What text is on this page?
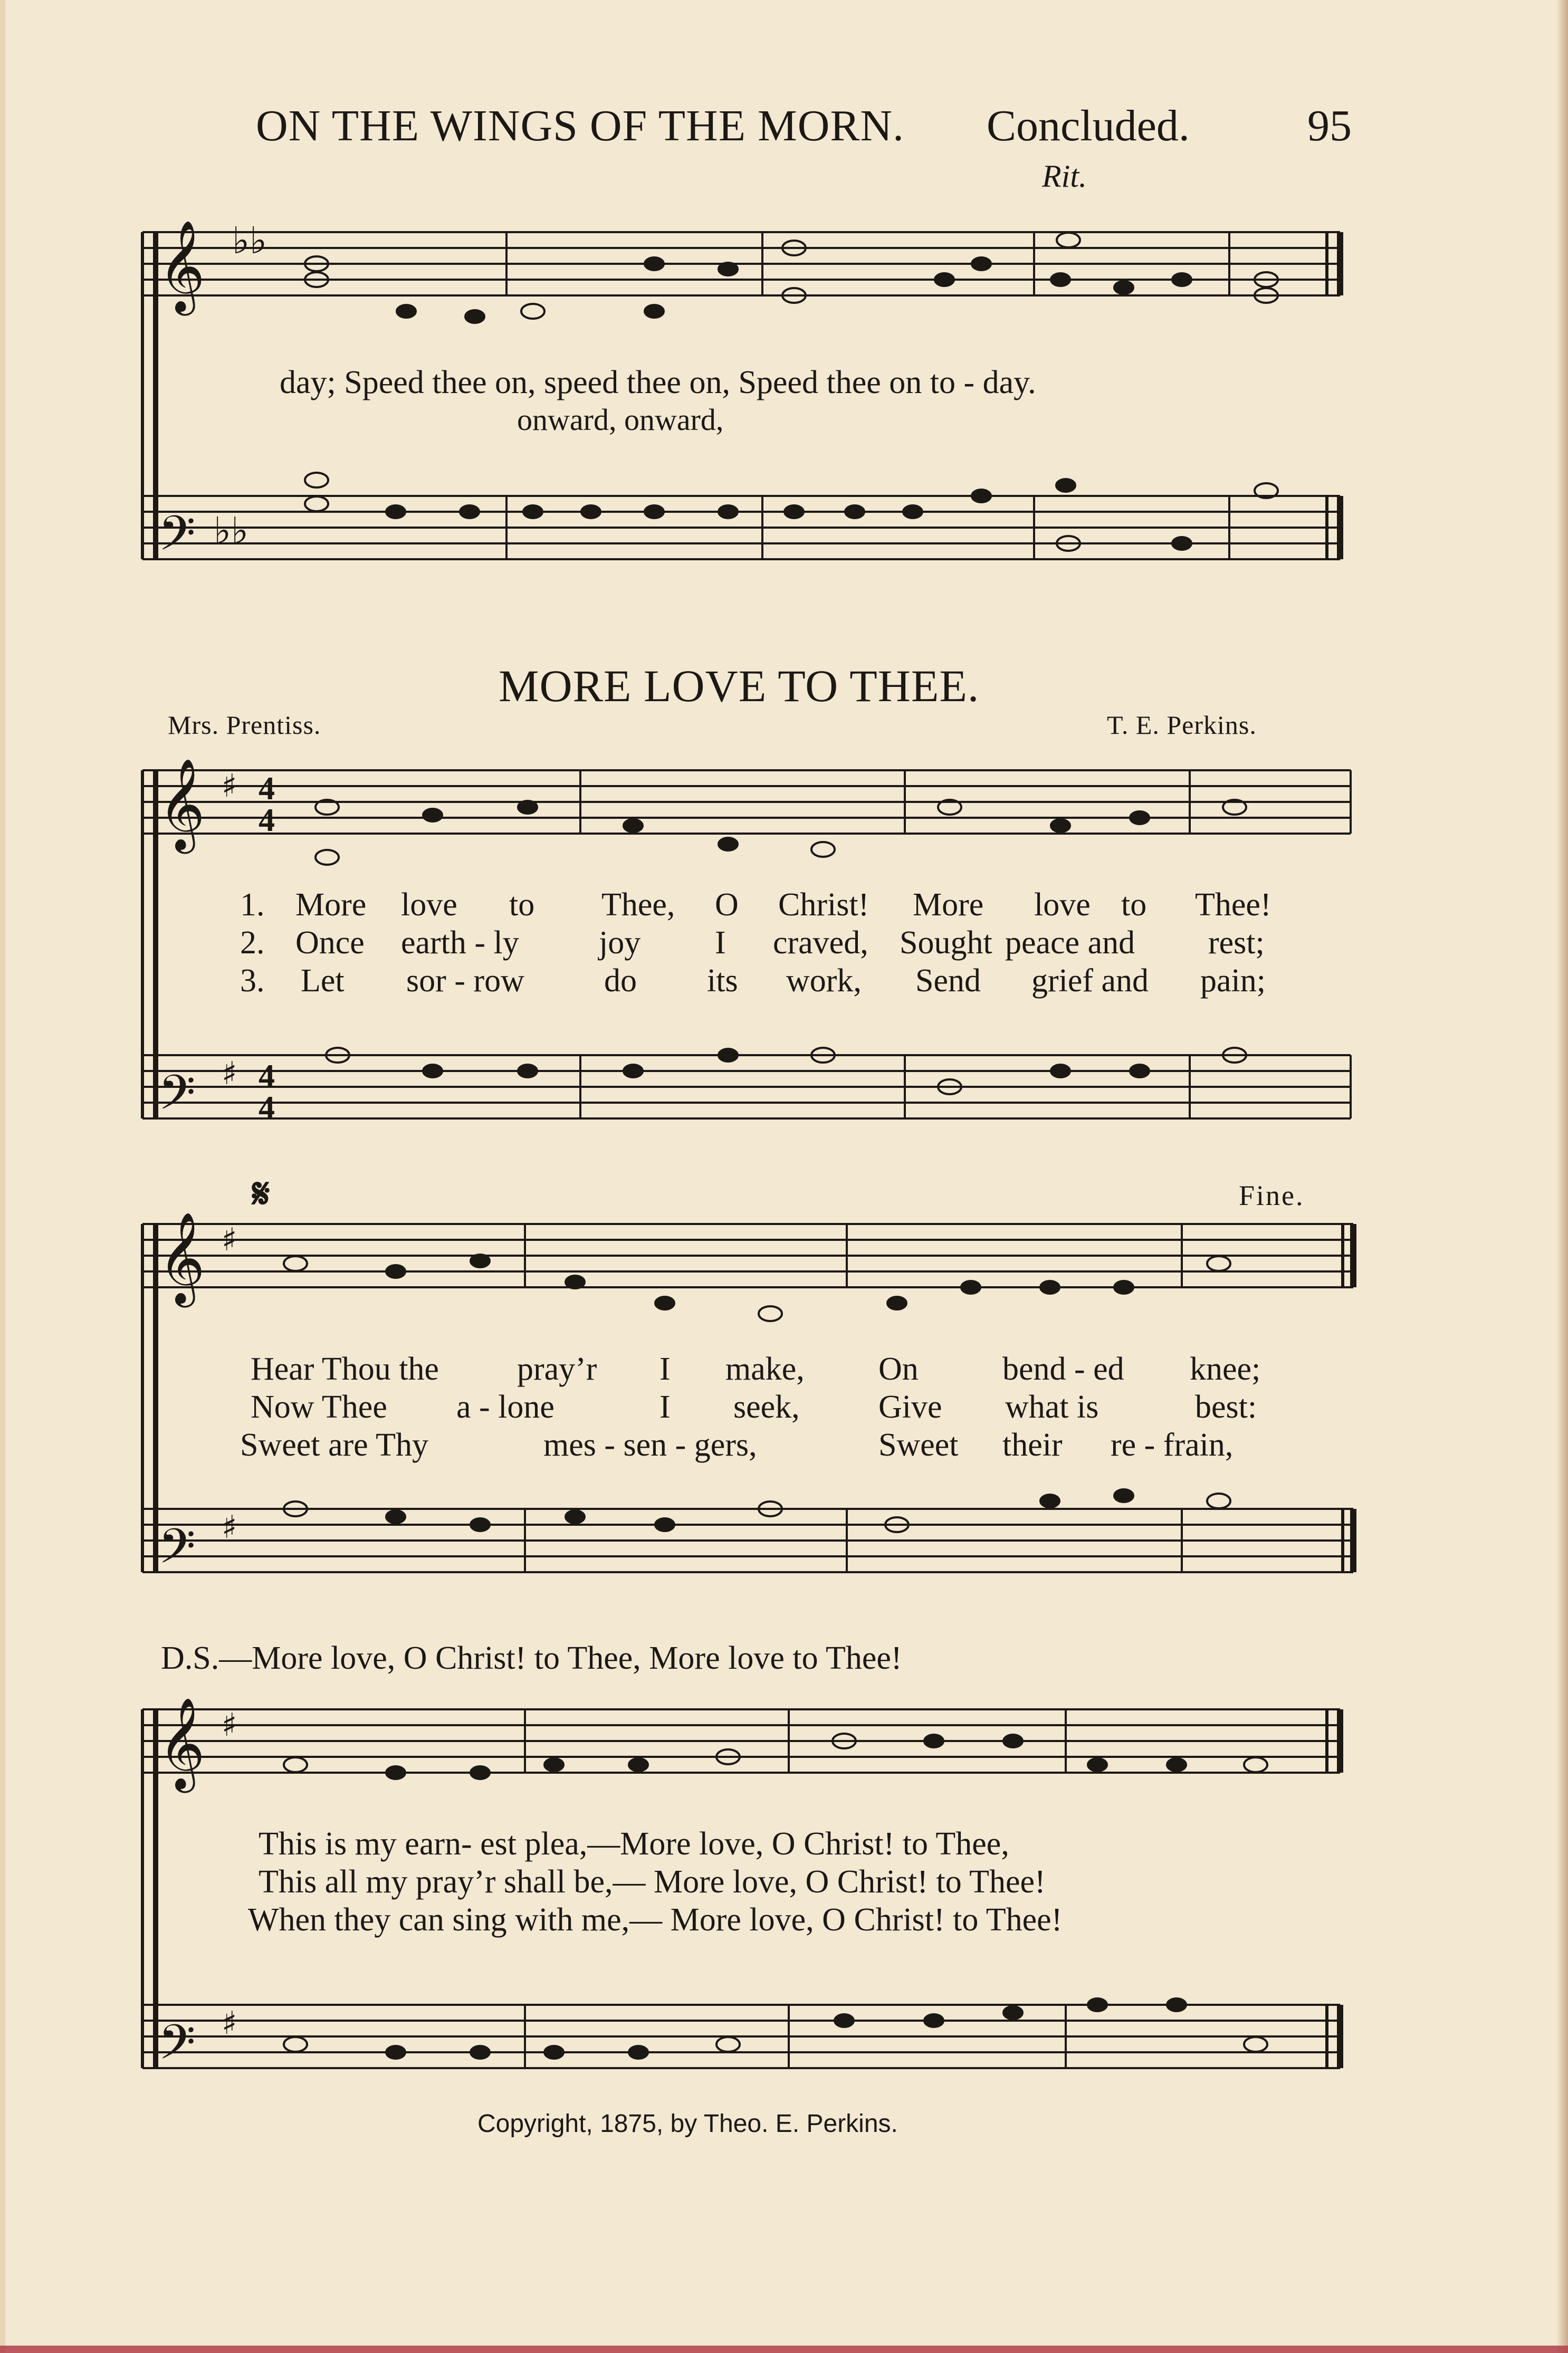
ON THE WINGS OF THE MORN. Concluded.	95
Rit.
𝄞 ♭♭
𝄢 ♭♭
𝄞 ♯ 4
4
𝄢 ♯ 4
4
𝄞 ♯
𝄢 ♯
𝄞 ♯
𝄢 ♯
day; Speed thee on, speed thee on, Speed thee on to - day.
onward, onward,
MORE LOVE TO THEE.
Mrs. Prentiss.	T. E. Perkins.
1. More love to Thee, O Christ! More love to Thee!
2. Once earth - ly joy I craved, Sought peace and rest;
3. Let sor - row do its work, Send grief and pain;
𝄋	Fine.
Hear Thou the pray’r I make, On	bend - ed knee;
Now Thee a - lone	I seek, Give what is	best:
Sweet are Thy	mes - sen - gers,	Sweet their re - frain,
D.S.—More love, O Christ! to Thee, More love to Thee!
This is my earn- est plea,—More love, O Christ! to Thee,
This all my pray’r shall be,— More love, O Christ! to Thee!
When they can sing with me,— More love, O Christ! to Thee!
Copyright, 1875, by Theo. E. Perkins.
